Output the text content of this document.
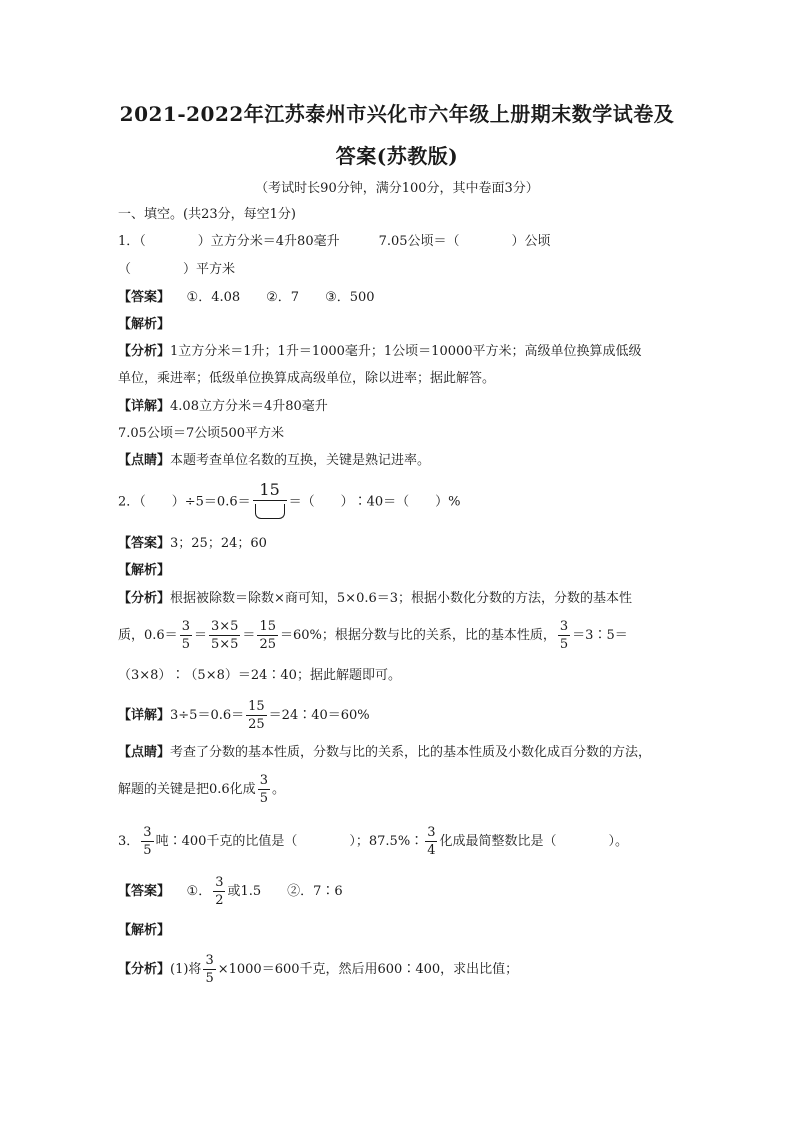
2021-2022年江苏泰州市兴化市六年级上册期末数学试卷及
答案(苏教版)
（考试时长90分钟，满分100分，其中卷面3分）
一、填空。(共23分，每空1分)
1．（　　　　）立方分米＝4升80毫升　　　7.05公顷＝（　　　　）公顷
（　　　　）平方米
【答案】 ①．4.08　　②．7　　③．500
【解析】
【分析】1立方分米＝1升；1升＝1000毫升；1公顷＝10000平方米；高级单位换算成低级
单位，乘进率；低级单位换算成高级单位，除以进率；据此解答。
【详解】4.08立方分米＝4升80毫升
7.05公顷＝7公顷500平方米
【点睛】本题考查单位名数的互换，关键是熟记进率。
2．（　　）÷5＝0.6＝
15
＝（　　）∶40＝（　　）%
【答案】3；25；24；60
【解析】
【分析】根据被除数＝除数×商可知，5×0.6＝3；根据小数化分数的方法，分数的基本性
质，$0.6= \frac{3}{5} = \frac{3\times 5}{5\times 5} = \frac{15}{25} =60\%$；根据分数与比的关系，比的基本性质， $\frac{3}{5}$ ＝3∶5＝
（3×8）∶（5×8）＝24∶40；据此解题即可。
【详解】$3\div 5=0.6= \frac{15}{25}$ ＝24∶40＝60%
【点睛】考查了分数的基本性质，分数与比的关系，比的基本性质及小数化成百分数的方法，
解题的关键是把0.6化成 $\frac{3}{5}$ 。
3． $\frac{3}{5}$ 吨∶400千克的比值是（　　　　）；87.5%∶ $\frac{3}{4}$ 化成最简整数比是（　　　　）。
【答案】 ①． $\frac{3}{2}$ 或1.5　　②．7∶6
【解析】
【分析】(1)将 $\frac{3}{5} \times 1000=600$千克，然后用600∶400，求出比值；
